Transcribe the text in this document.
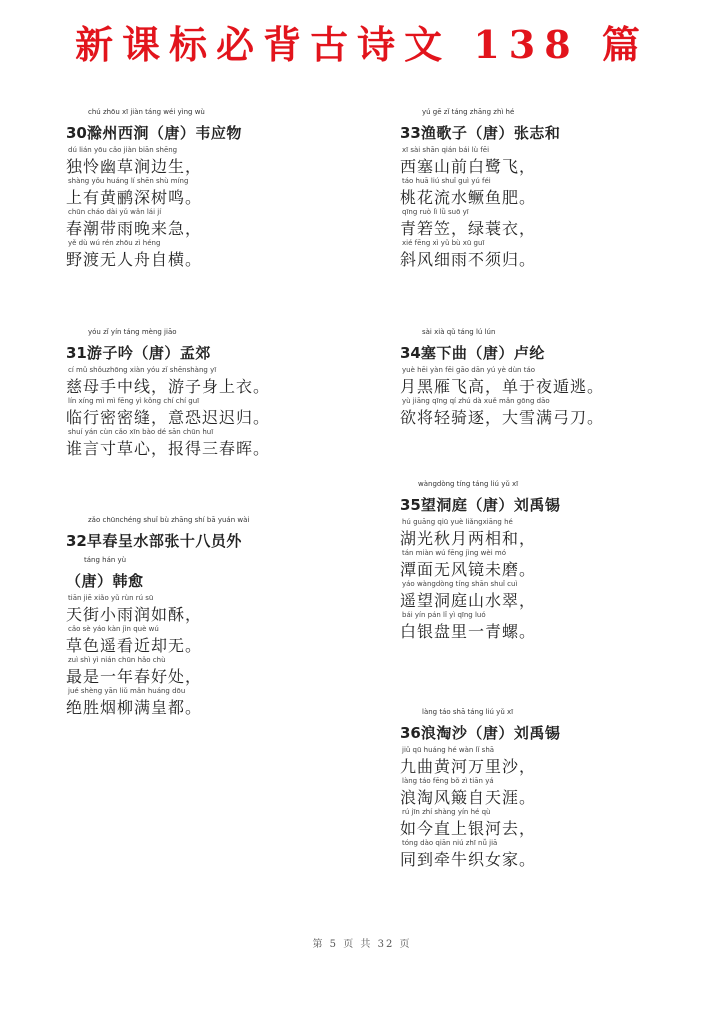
新课标必背古诗文 138 篇
chú zhōu xī jiàn táng wéi yìng wù
30滁州西涧（唐）韦应物
dú lián yōu cǎo jiàn biān shēng
独怜幽草涧边生，
shàng yǒu huáng lí shēn shù míng
上有黄鹂深树鸣。
chūn cháo dài yǔ wǎn lái jí
春潮带雨晚来急，
yě dù wú rén zhōu zì héng
野渡无人舟自横。
yóu zǐ yín táng mèng jiāo
31游子吟（唐）孟郊
cí mǔ shǒuzhōng xiàn yóu zǐ shēnshàng yī
慈母手中线，游子身上衣。
lín xíng mì mì fēng yì kǒng chí chí guī
临行密密缝，意恐迟迟归。
shuí yán cùn cǎo xīn bào dé sān chūn huī
谁言寸草心，报得三春晖。
zǎo chūnchéng shuǐ bù zhāng shí bā yuán wài
32早春呈水部张十八员外
táng hán yù
（唐）韩愈
tiān jiē xiǎo yǔ rùn rú sū
天街小雨润如酥，
cǎo sè yáo kàn jìn què wú
草色遥看近却无。
zuì shì yì nián chūn hǎo chù
最是一年春好处，
jué shèng yān liǔ mǎn huáng dōu
绝胜烟柳满皇都。
yú gē zǐ táng zhāng zhì hé
33渔歌子（唐）张志和
xī sài shān qián bái lù fēi
西塞山前白鹭飞，
táo huā liú shuǐ guì yú féi
桃花流水鳜鱼肥。
qīng ruò lì lǜ suō yī
青箬笠，绿蓑衣，
xié fēng xì yǔ bù xū guī
斜风细雨不须归。
sài xià qǔ táng lú lún
34塞下曲（唐）卢纶
yuè hēi yàn fēi gāo dān yú yè dùn táo
月黑雁飞高，单于夜遁逃。
yù jiāng qīng qí zhú dà xuě mǎn gōng dāo
欲将轻骑逐，大雪满弓刀。
wàngdòng tíng táng liú yǔ xī
35望洞庭（唐）刘禹锡
hú guāng qiū yuè liǎngxiāng hé
湖光秋月两相和，
tán miàn wú fēng jìng wèi mó
潭面无风镜未磨。
yáo wàngdòng tíng shān shuǐ cuì
遥望洞庭山水翠，
bái yín pán lǐ yì qīng luó
白银盘里一青螺。
làng táo shā táng liú yǔ xī
36浪淘沙（唐）刘禹锡
jiǔ qū huáng hé wàn lǐ shā
九曲黄河万里沙，
làng táo fēng bǒ zì tiān yá
浪淘风簸自天涯。
rú jīn zhí shàng yín hé qù
如今直上银河去，
tóng dào qiān niú zhī nǚ jiā
同到牵牛织女家。
第 5 页 共 32 页
